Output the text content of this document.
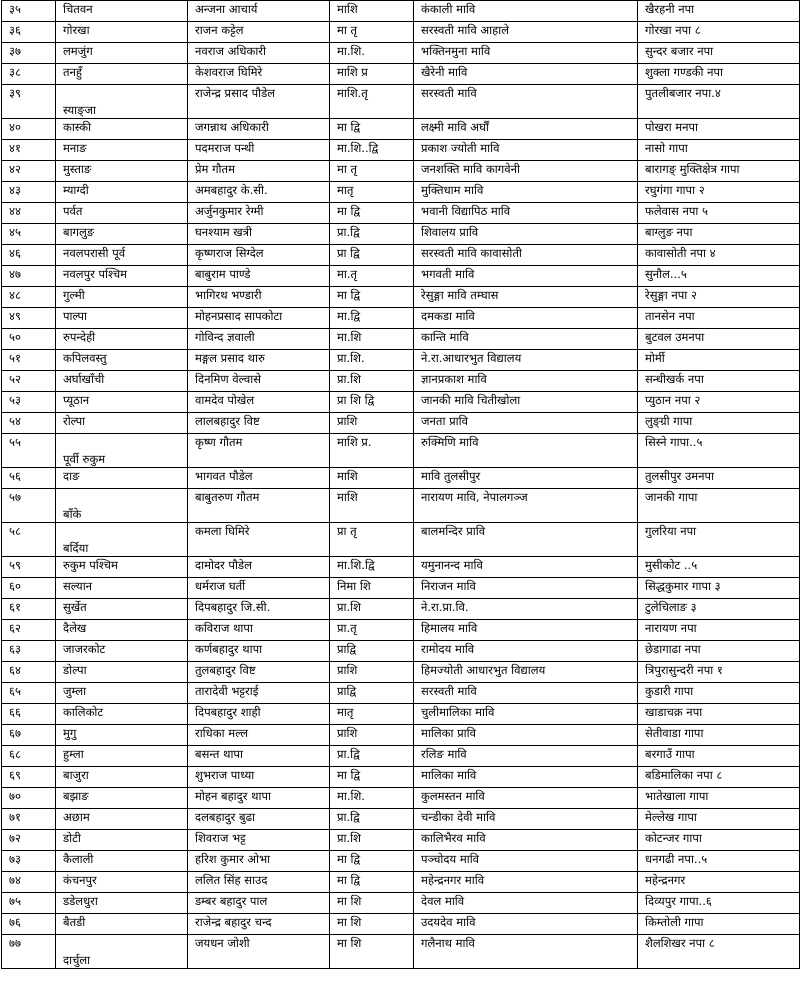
३५	चितवन	अन्जना आचार्य	माशि	कंकाली मावि	खैरहनी नपा
३६	गोरखा	राजन कट्टेल	मा तृ	सरस्वती मावि आहाले	गोरखा नपा ८
३७	लमजुंग	नवराज अधिकारी	मा.शि.	भक्तिनमुना मावि	सुन्दर बजार नपा
३८	तनहुँ	केशवराज घिमिरे	माशि प्र	खैरेनी मावि	शुक्ला गण्डकी नपा
३९	स्याङ्जा	राजेन्द्र प्रसाद पौडेल	माशि.तृ	सरस्वती मावि	पुतलीबजार नपा.४
४०	कास्की	जगन्नाथ अधिकारी	मा द्वि	लक्ष्मी मावि अर्घौं	पोखरा मनपा
४१	मनाङ	पदमराज पन्थी	मा.शि..द्वि	प्रकाश ज्योती मावि	नासो गापा
४२	मुस्ताङ	प्रेम गौतम	मा तृ	जनशक्ति मावि कागवेनी	बारागङ् मुक्तिक्षेत्र गापा
४३	म्याग्दी	अमबहादुर के.सी.	मातृ	मुक्तिधाम मावि	रघुगंगा गापा २
४४	पर्वत	अर्जुनकुमार रेग्मी	मा द्वि	भवानी विद्यापिठ मावि	फलेवास नपा ५
४५	बागलुङ	घनश्याम खत्री	प्रा.द्वि	शिवालय प्रावि	बाग्लुङ नपा
४६	नवलपरासी पूर्व	कृष्णराज सिग्देल	प्रा द्वि	सरस्वती मावि कावासोती	कावासोती नपा ४
४७	नवलपुर पश्चिम	बाबुराम पाण्डे	मा.तृ	भगवती मावि	सुनौल...५
४८	गुल्मी	भागिरथ भण्डारी	मा द्वि	रेसुङ्गा मावि तम्घास	रेसुङ्गा नपा २
४९	पाल्पा	मोहनप्रसाद सापकोटा	मा.द्वि	दमकडा मावि	तानसेन नपा
५०	रुपन्देही	गोविन्द ज्ञवाली	मा.शि	कान्ति मावि	बुटवल उमनपा
५१	कपिलवस्तु	मङ्गल प्रसाद थारु	प्रा.शि.	ने.रा.आधारभुत विद्यालय	मोर्मी
५२	अर्घाखाँची	दिनमिण वेल्वासे	प्रा.शि	ज्ञानप्रकाश मावि	सन्धीखर्क नपा
५३	प्यूठान	वामदेव पोखेल	प्रा शि द्वि	जानकी मावि चितीखोला	प्युठान नपा २
५४	रोल्पा	लालबहादुर विष्ट	प्राशि	जनता प्रावि	लुङ्ग्री गापा
५५	पूर्वी रुकुम	कृष्ण गौतम	माशि प्र.	रुक्मिणि मावि	सिस्ने गापा..५
५६	दाङ	भागवत पौडेल	माशि	मावि तुलसीपुर	तुलसीपुर उमनपा
५७	बाँके	बाबुतरुण गौतम	माशि	नारायण मावि, नेपालगञ्ज	जानकी गापा
५८	बर्दिया	कमला घिमिरे	प्रा तृ	बालमन्दिर प्रावि	गुलरिया नपा
५९	रुकुम पश्चिम	दामोदर पौडेल	मा.शि.द्वि	यमुनानन्द मावि	मुसीकोट ..५
६०	सल्यान	धर्मराज घर्ती	निमा शि	निराजन मावि	सिद्धकुमार गापा ३
६१	सुर्खेत	दिपबहादुर जि.सी.	प्रा.शि	ने.रा.प्रा.वि.	टुलेचिलाङ ३
६२	दैलेख	कविराज थापा	प्रा.तृ	हिमालय मावि	नारायण नपा
६३	जाजरकोट	कर्णबहादुर थापा	प्राद्वि	रामोदय मावि	छेडागाढा नपा
६४	डोल्पा	तुलबहादुर विष्ट	प्राशि	हिमज्योती आधारभुत विद्यालय	त्रिपुरासुन्दरी नपा १
६५	जुम्ला	तारादेवी भट्टराई	प्राद्वि	सरस्वती मावि	कुडारी गापा
६६	कालिकोट	दिपबहादुर शाही	मातृ	चुलीमालिका मावि	खाडाचक्र नपा
६७	मुगु	राधिका मल्ल	प्राशि	मालिका प्रावि	सेतीवाडा गापा
६८	हुम्ला	बसन्त थापा	प्रा.द्वि	रलिङ मावि	बरगाउँ गापा
६९	बाजुरा	शुभराज पाध्या	मा द्वि	मालिका मावि	बडिमालिका नपा ८
७०	बझाङ	मोहन बहादुर थापा	मा.शि.	कुलमस्तन मावि	भातेखाला गापा
७१	अछाम	दलबहादुर बुढा	प्रा.द्वि	चन्डीका देवी मावि	मेल्लेख गापा
७२	डोटी	शिवराज भट्ट	प्रा.शि	कालिभैरव मावि	कोटन्जर गापा
७३	कैलाली	हरिश कुमार ओभा	मा द्वि	पञ्चोदय मावि	धनगढी नपा..५
७४	कंचनपुर	ललित सिंह साउद	मा द्वि	महेन्द्रनगर मावि	महेन्द्रनगर
७५	डडेलधुरा	डम्बर बहादुर पाल	मा शि	देवल मावि	दिव्यपुर गापा..६
७६	बैतडी	राजेन्द्र बहादुर चन्द	मा शि	उदयदेव मावि	किम्तोली गापा
७७	दार्चुला	जयधन जोशी	मा शि	गलैनाथ मावि	शैलशिखर नपा ८
